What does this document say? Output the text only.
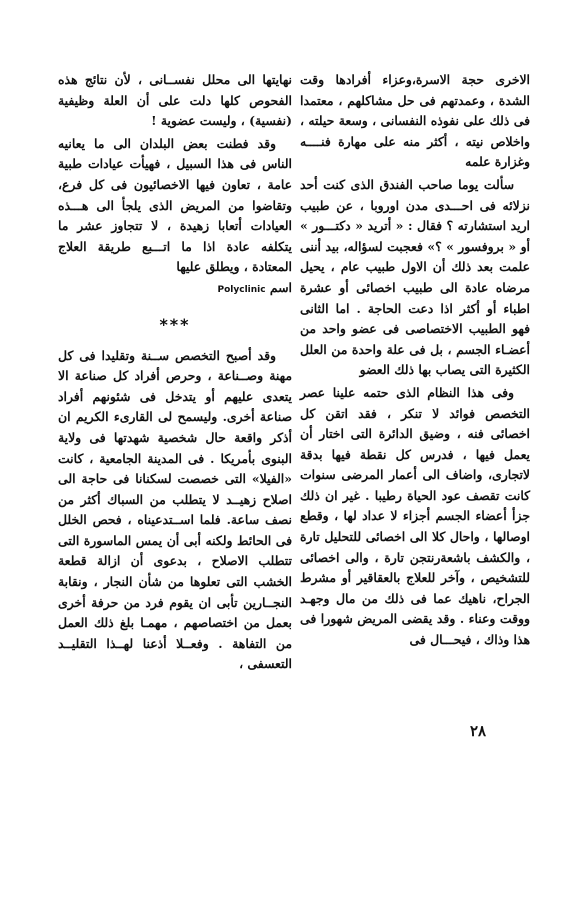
الاخرى حجة الاسرة،وعزاء أفرادها وقت الشدة ، وعمدتهم فى حل مشاكلهم ، معتمدا فى ذلك على نفوذه النفسانى ، وسعة حيلته ، واخلاص نيته ، أكثر منه على مهارة فنــــه وغزارة علمه

سألت يوما صاحب الفندق الذى كنت أحد نزلائه فى احـــدى مدن اوروبا ، عن طبيب اريد استشارته ؟ فقال : « أتريد « دكتـــور » أو « بروفسور » ؟» فعجبت لسؤاله، بيد أننى علمت بعد ذلك أن الاول طبيب عام ، يحيل مرضاه عادة الى طبيب اخصائى أو عشرة اطباء أو أكثر اذا دعت الحاجة . اما الثانى فهو الطبيب الاختصاصى فى عضو واحد من أعضـاء الجسم ، بل فى علة واحدة من العلل الكثيرة التى يصاب بها ذلك العضو

وفى هذا النظام الذى حتمه علينا عصر التخصص فوائد لا تنكر ، فقد اتقن كل اخصائى فنه ، وضيق الدائرة التى اختار أن يعمل فيها ، فدرس كل نقطة فيها بدقة لاتجارى، واضاف الى أعمار المرضى سنوات كانت تقصف عود الحياة رطيبا . غير ان ذلك جزأ أعضاء الجسم أجزاء لا عداد لها ، وقطع اوصالها ، واحال كلا الى اخصائى للتحليل تارة ، والكشف باشعةرنتجن تارة ، والى اخصائى للتشخيص ، وآخر للعلاج بالعقاقير أو مشرط الجراح، ناهيك عما فى ذلك من مال وجهـد ووقت وعناء . وقد يقضى المريض شهورا فى هذا وذاك ، فيحـــال فى

نهايتها الى محلل نفســانى ، لأن نتائج هذه الفحوص كلها دلت على أن العلة وظيفية (نفسية) ، وليست عضوية !

وقد فطنت بعض البلدان الى ما يعانيه الناس فى هذا السبيل ، فهيأت عيادات طبية عامة ، تعاون فيها الاخصائيون فى كل فرع، وتقاضوا من المريض الذى يلجأ الى هـــذه العيادات أتعابا زهيدة ، لا تتجاوز عشر ما يتكلفه عادة اذا ما اتـــبع طريقة العلاج المعتادة ، ويطلق عليها

اسم Polyclinic
***

وقد أصبح التخصص ســنة وتقليدا فى كل مهنة وصــناعة ، وحرص أفراد كل صناعة الا يتعدى عليهم أو يتدخل فى شئونهم أفراد صناعة أخرى. وليسمح لى القارىء الكريم ان أذكر واقعة حال شخصية شهدتها فى ولاية البنوى بأمريكا . فى المدينة الجامعية ، كانت «الفيلا» التى خصصت لسكنانا فى حاجة الى اصلاح زهيــد لا يتطلب من السباك أكثر من نصف ساعة. فلما اســتدعيناه ، فحص الخلل فى الحائط ولكنه أبى أن يمس الماسورة التى تتطلب الاصلاح ، بدعوى أن ازالة قطعة الخشب التى تعلوها من شأن النجار ، ونقابة النجــارين تأبى ان يقوم فرد من حرفة أخرى بعمل من اختصاصهم ، مهمـا بلغ ذلك العمل من التفاهة . وفعــلا أذعنا لهــذا التقليــد التعسفى ،

٢٨
